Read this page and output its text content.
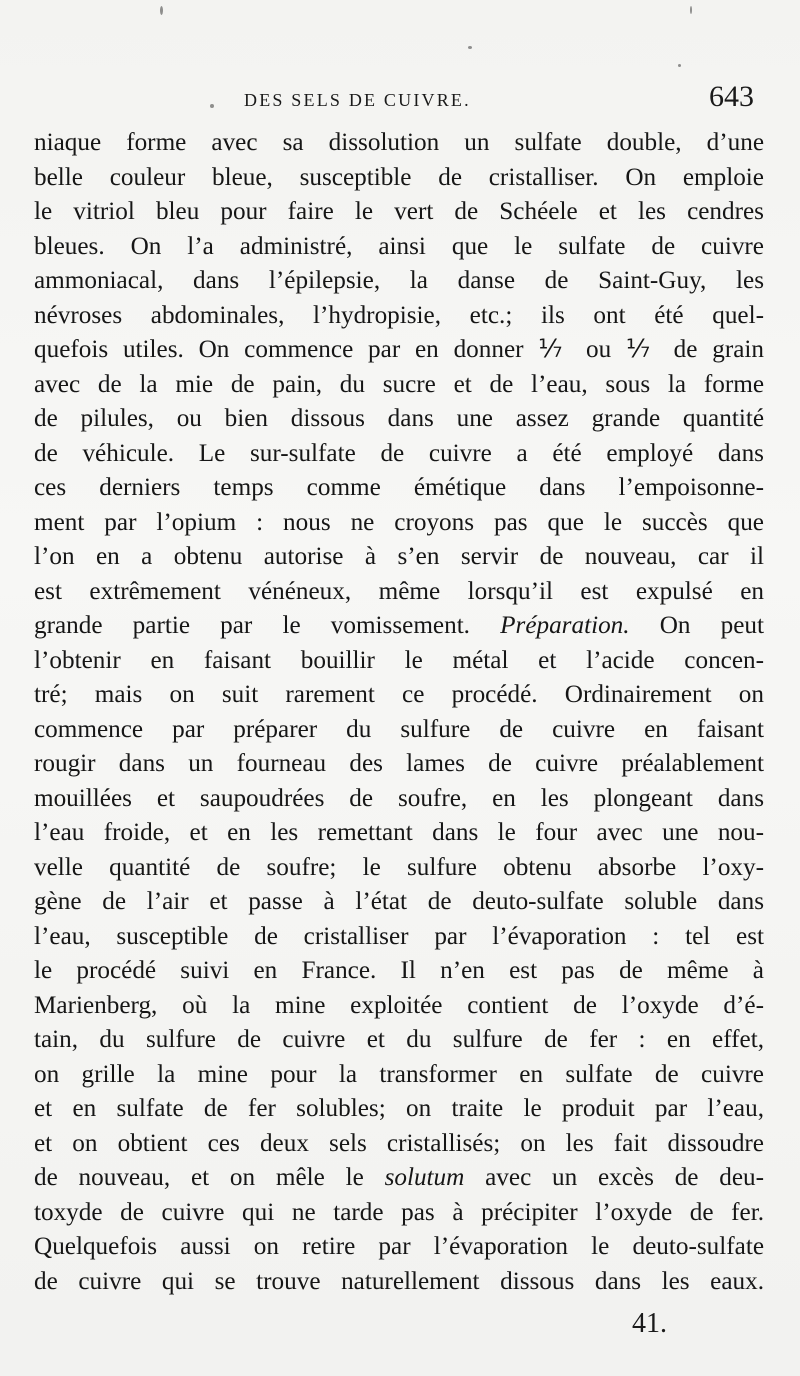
DES SELS DE CUIVRE.	643
niaque forme avec sa dissolution un sulfate double, d’une
belle couleur bleue, susceptible de cristalliser. On emploie
le vitriol bleu pour faire le vert de Schéele et les cendres
bleues. On l’a administré, ainsi que le sulfate de cuivre
ammoniacal, dans l’épilepsie, la danse de Saint-Guy, les
névroses abdominales, l’hydropisie, etc.; ils ont été quel-
quefois utiles. On commence par en donner ⅐ ou ⅐ de grain
avec de la mie de pain, du sucre et de l’eau, sous la forme
de pilules, ou bien dissous dans une assez grande quantité
de véhicule. Le sur-sulfate de cuivre a été employé dans
ces derniers temps comme émétique dans l’empoisonne-
ment par l’opium : nous ne croyons pas que le succès que
l’on en a obtenu autorise à s’en servir de nouveau, car il
est extrêmement vénéneux, même lorsqu’il est expulsé en
grande partie par le vomissement. Préparation. On peut
l’obtenir en faisant bouillir le métal et l’acide concen-
tré; mais on suit rarement ce procédé. Ordinairement on
commence par préparer du sulfure de cuivre en faisant
rougir dans un fourneau des lames de cuivre préalablement
mouillées et saupoudrées de soufre, en les plongeant dans
l’eau froide, et en les remettant dans le four avec une nou-
velle quantité de soufre; le sulfure obtenu absorbe l’oxy-
gène de l’air et passe à l’état de deuto-sulfate soluble dans
l’eau, susceptible de cristalliser par l’évaporation : tel est
le procédé suivi en France. Il n’en est pas de même à
Marienberg, où la mine exploitée contient de l’oxyde d’é-
tain, du sulfure de cuivre et du sulfure de fer : en effet,
on grille la mine pour la transformer en sulfate de cuivre
et en sulfate de fer solubles; on traite le produit par l’eau,
et on obtient ces deux sels cristallisés; on les fait dissoudre
de nouveau, et on mêle le solutum avec un excès de deu-
toxyde de cuivre qui ne tarde pas à précipiter l’oxyde de fer.
Quelquefois aussi on retire par l’évaporation le deuto-sulfate
de cuivre qui se trouve naturellement dissous dans les eaux.
41.
